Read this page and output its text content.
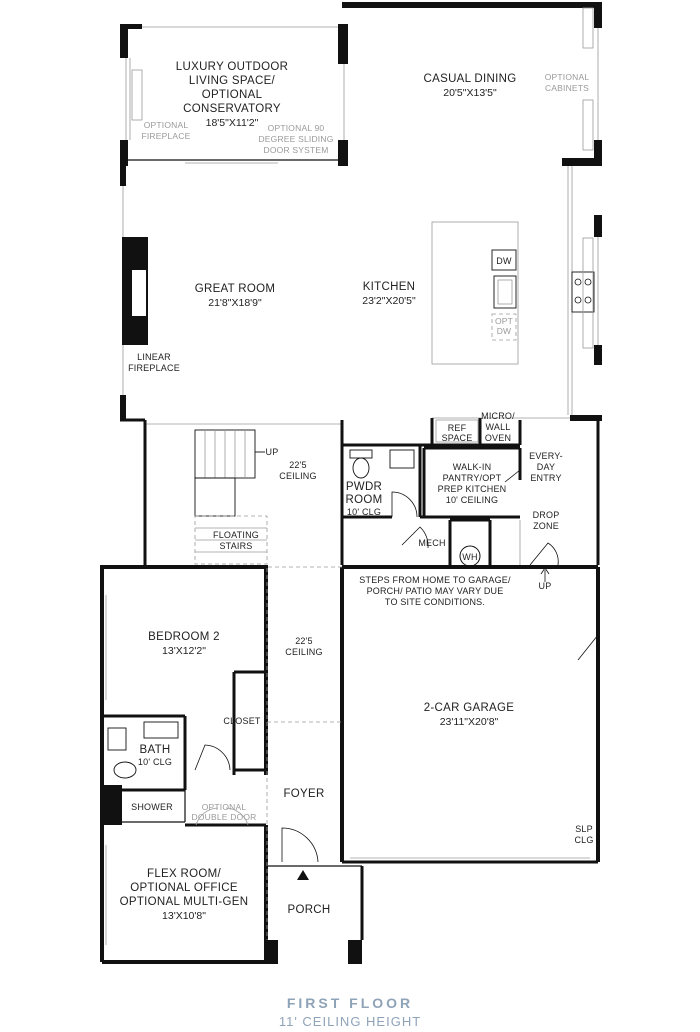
LUXURY OUTDOOR
LIVING SPACE/
OPTIONAL
CONSERVATORY
18'5"X11'2"
OPTIONAL
FIREPLACE
OPTIONAL 90
DEGREE SLIDING
DOOR SYSTEM
CASUAL DINING
20'5"X13'5"
OPTIONAL
CABINETS
GREAT ROOM
21'8"X18'9"
KITCHEN
23'2"X20'5"
DW
OPT
DW
LINEAR
FIREPLACE
REF
SPACE
MICRO/
WALL
OVEN
UP
22'5
CEILING
PWDR
ROOM
10' CLG
WALK-IN
PANTRY/OPT
PREP KITCHEN
10' CEILING
EVERY-
DAY
ENTRY
DROP
ZONE
FLOATING
STAIRS	MECH
WH
UP
STEPS FROM HOME TO GARAGE/
PORCH/ PATIO MAY VARY DUE
TO SITE CONDITIONS.
BEDROOM 2
13'X12'2"
22'5
CEILING
2-CAR GARAGE
23'11"X20'8"
CLOSET
BATH
10' CLG
SHOWER	OPTIONAL
DOUBLE DOOR
FOYER
SLP
CLG
FLEX ROOM/
OPTIONAL OFFICE
OPTIONAL MULTI-GEN
13'X10'8"	PORCH
FIRST FLOOR
11' CEILING HEIGHT
